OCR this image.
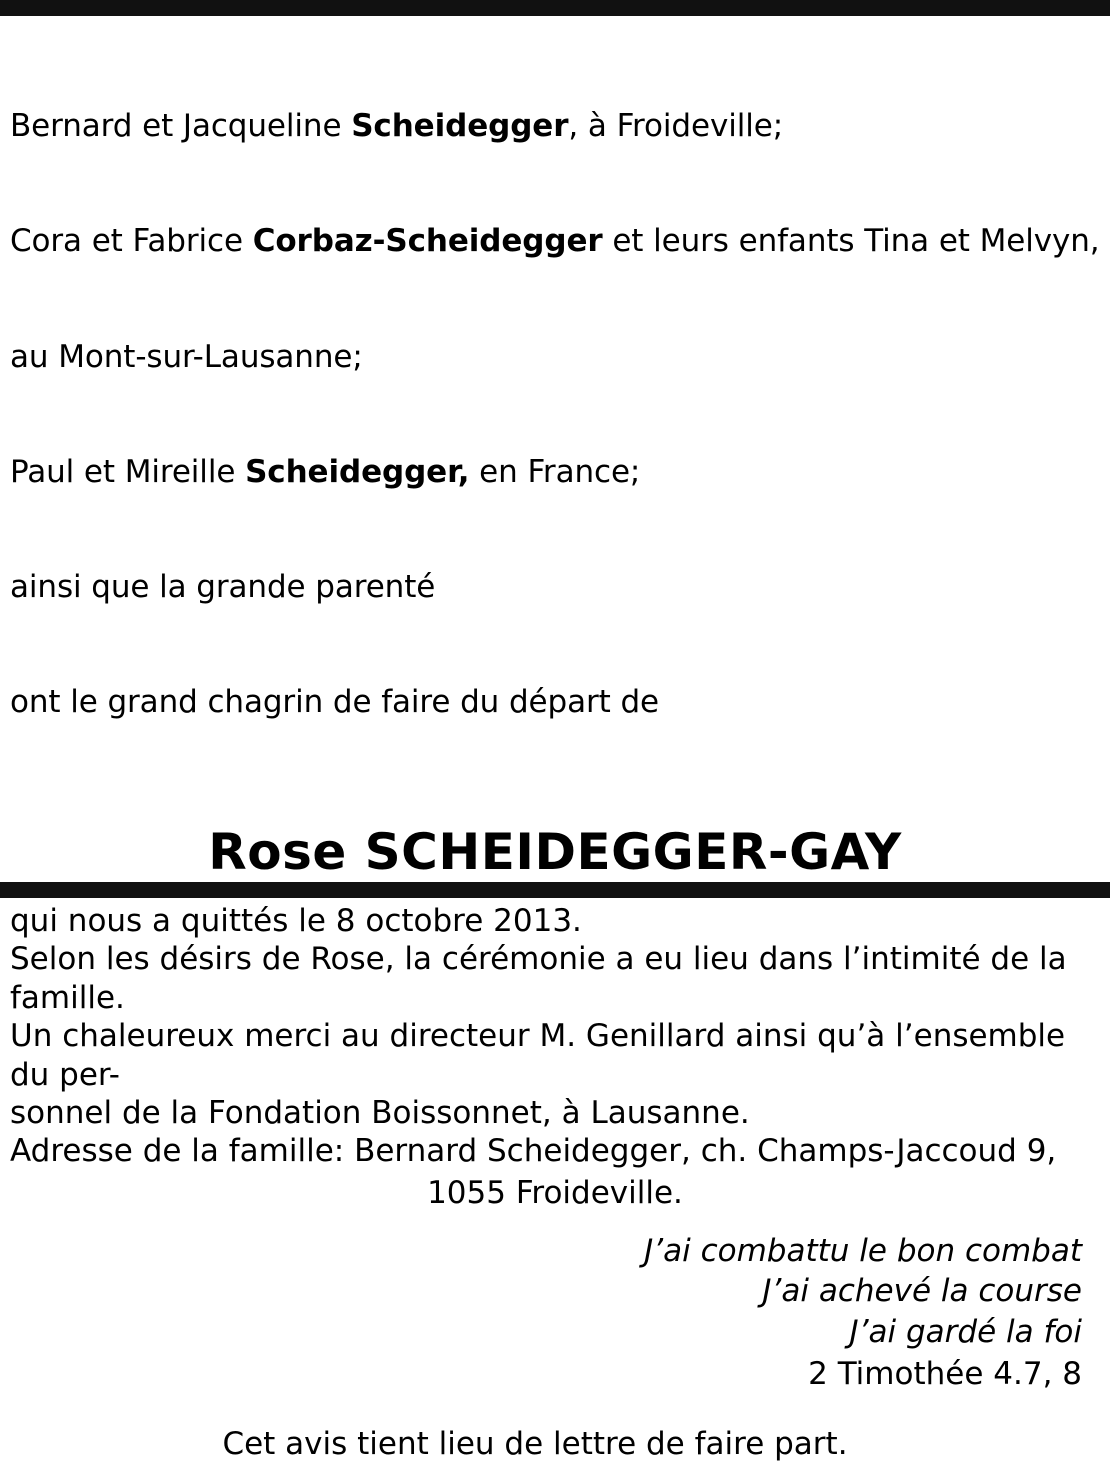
Bernard et Jacqueline Scheidegger, à Froideville;

Cora et Fabrice Corbaz-Scheidegger et leurs enfants Tina et Melvyn,

au Mont-sur-Lausanne;

Paul et Mireille Scheidegger, en France;

ainsi que la grande parenté

ont le grand chagrin de faire du départ de

Rose SCHEIDEGGER-GAY
qui nous a quittés le 8 octobre 2013.
Selon les désirs de Rose, la cérémonie a eu lieu dans l’intimité de la famille.
Un chaleureux merci au directeur M. Genillard ainsi qu’à l’ensemble du per-
sonnel de la Fondation Boissonnet, à Lausanne.
Adresse de la famille: Bernard Scheidegger, ch. Champs-Jaccoud 9,
1055 Froideville.
J’ai combattu le bon combat
J’ai achevé la course
J’ai gardé la foi
2 Timothée 4.7, 8
Cet avis tient lieu de lettre de faire part.
